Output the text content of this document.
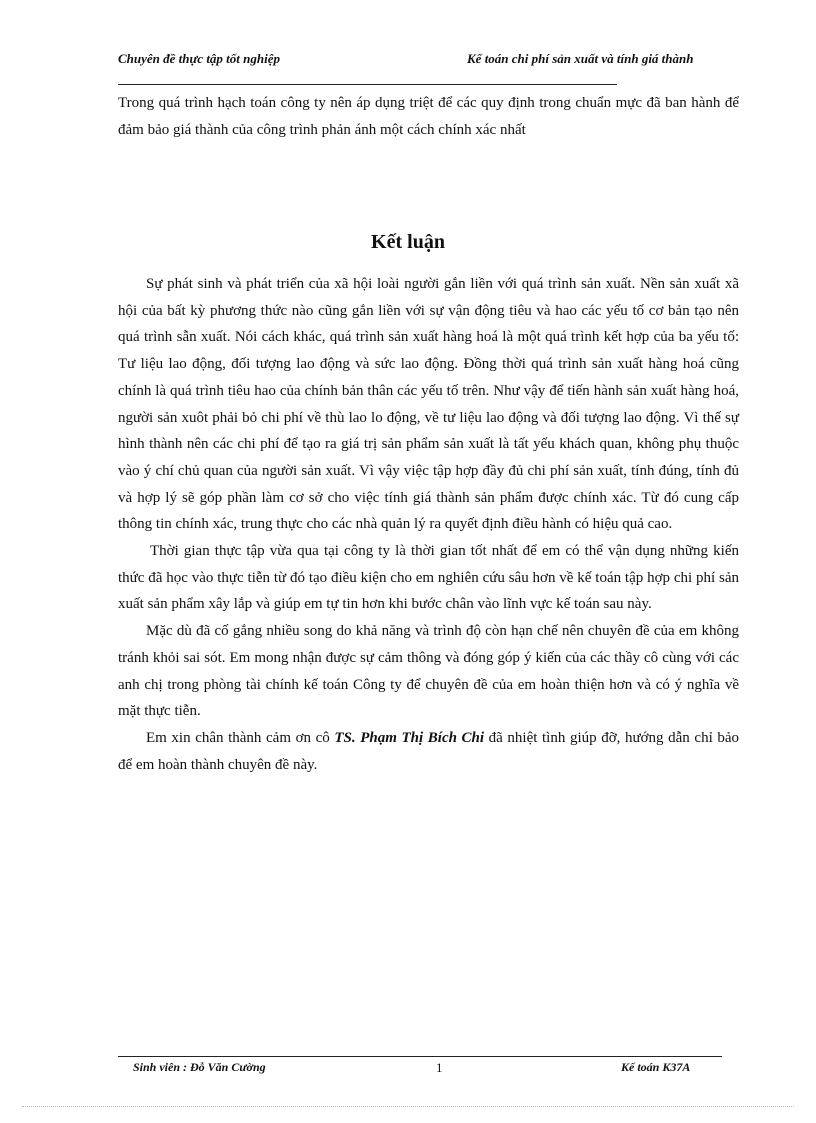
Chuyên đề thực tập tốt nghiệp	Kế toán chi phí sản xuất và tính giá thành
Trong quá trình hạch toán công ty nên áp dụng triệt để các quy định trong chuẩn mực đã ban hành để đảm bảo giá thành của công trình phản ánh một cách chính xác nhất
Kết luận

Sự phát sinh và phát triển của xã hội loài người gắn liền với quá trình sản xuất. Nền sản xuất xã hội của bất kỳ phương thức nào cũng gắn liền với sự vận động tiêu và hao các yếu tố cơ bản tạo nên quá trình sẫn xuất. Nói cách khác, quá trình sản xuất hàng hoá là một quá trình kết hợp của ba yếu tố: Tư liệu lao động, đối tượng lao động và sức lao động. Đồng thời quá trình sản xuất hàng hoá cũng chính là quá trình tiêu hao của chính bản thân các yếu tố trên. Như vậy để tiến hành sản xuất hàng hoá, người sản xuôt phải bỏ chi phí về thù lao lo động, về tư liệu lao động và đối tượng lao động. Vì thế sự hình thành nên các chi phí để tạo ra giá trị sản phẩm sản xuất là tất yếu khách quan, không phụ thuộc vào ý chí chủ quan của người sản xuất. Vì vậy việc tập hợp đầy đủ chi phí sản xuất, tính đúng, tính đủ và hợp lý sẽ góp phần làm cơ sở cho việc tính giá thành sản phẩm được chính xác. Từ đó cung cấp thông tin chính xác, trung thực cho các nhà quản lý ra quyết định điều hành có hiệu quả cao.

Thời gian thực tập vừa qua tại công ty là thời gian tốt nhất để em có thể vận dụng những kiến thức đã học vào thực tiễn từ đó tạo điều kiện cho em nghiên cứu sâu hơn về kế toán tập hợp chi phí sản xuất sản phẩm xây lắp và giúp em tự tin hơn khi bước chân vào lĩnh vực kế toán sau này.

Mặc dù đã cố gắng nhiều song do khả năng và trình độ còn hạn chế nên chuyên đề của em không tránh khỏi sai sót. Em mong nhận được sự cảm thông và đóng góp ý kiến của các thầy cô cùng với các anh chị trong phòng tài chính kế toán Công ty để chuyên đề của em hoàn thiện hơn và có ý nghĩa về mặt thực tiễn.

Em xin chân thành cảm ơn cô TS. Phạm Thị Bích Chi đã nhiệt tình giúp đỡ, hướng dẫn chỉ bảo để em hoàn thành chuyên đề này.

Sinh viên : Đỗ Văn Cường	1	Kế toán K37A
